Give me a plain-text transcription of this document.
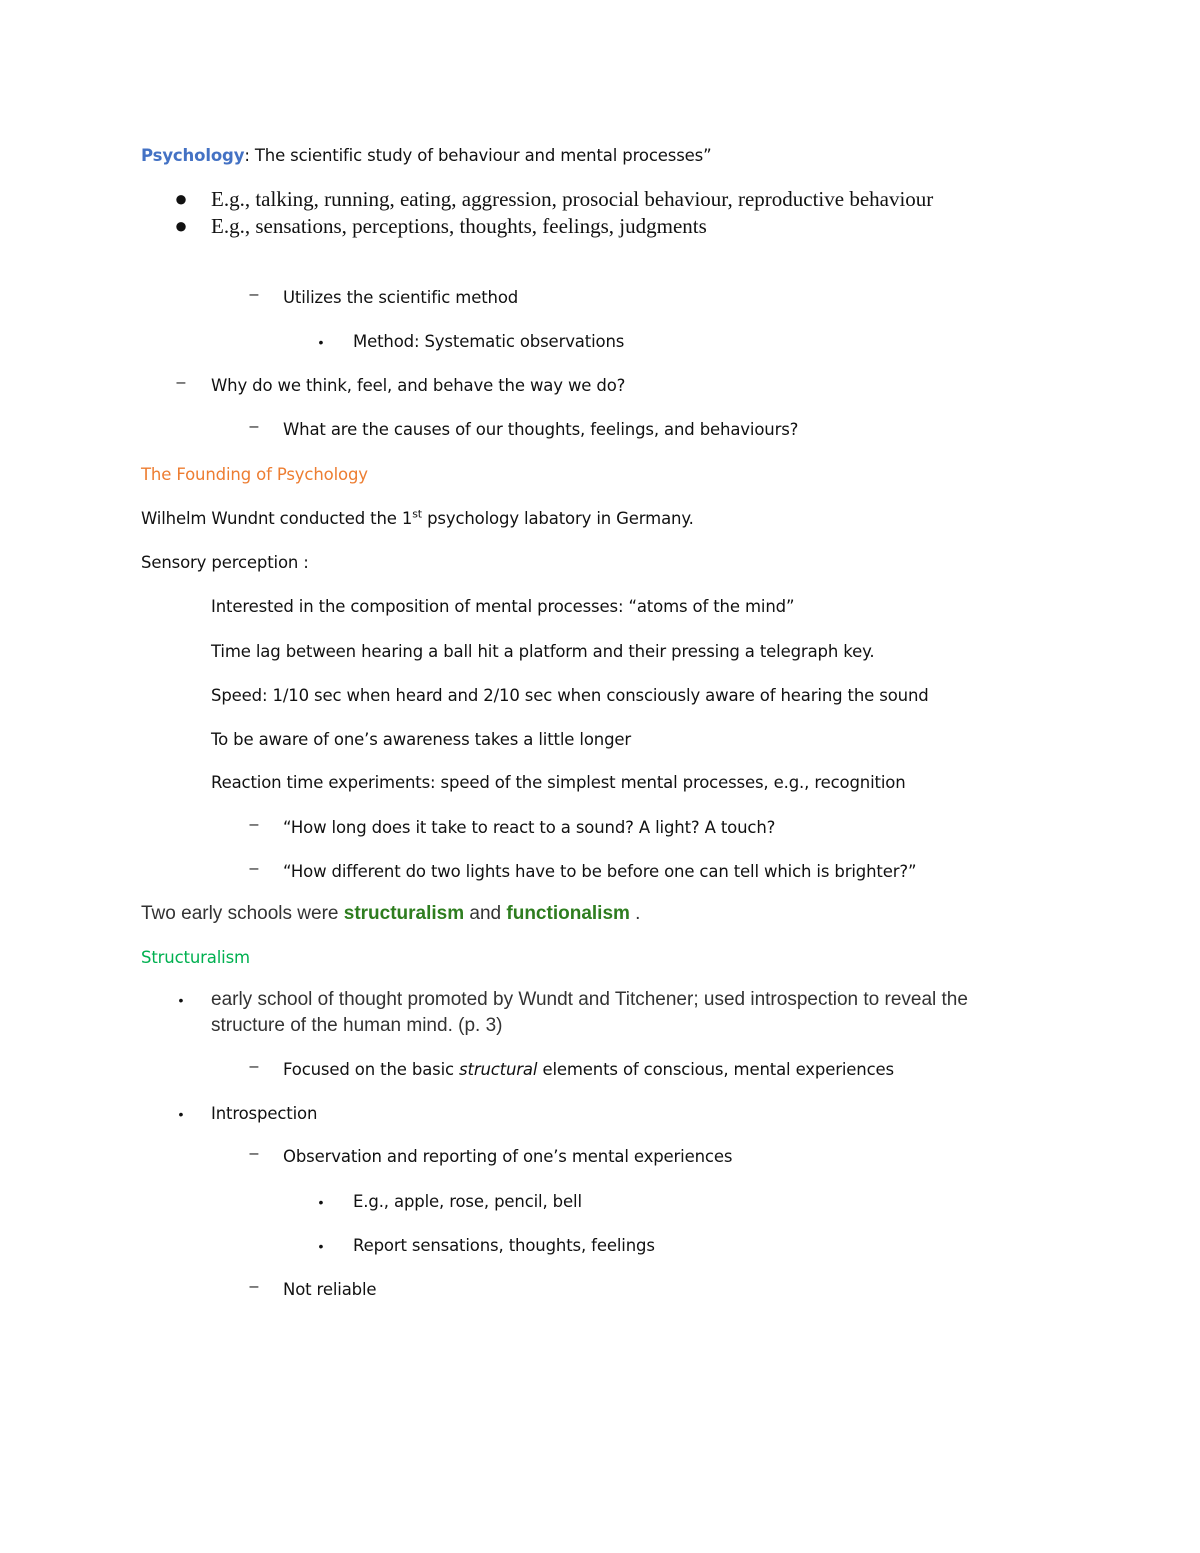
Psychology: The scientific study of behaviour and mental processes”
● E.g., talking, running, eating, aggression, prosocial behaviour, reproductive behaviour
● E.g., sensations, perceptions, thoughts, feelings, judgments
–	Utilizes the scientific method
•	Method: Systematic observations
–	Why do we think, feel, and behave the way we do?
–	What are the causes of our thoughts, feelings, and behaviours?
The Founding of Psychology
Wilhelm Wundnt conducted the 1st psychology labatory in Germany.
Sensory perception :
Interested in the composition of mental processes: “atoms of the mind”
Time lag between hearing a ball hit a platform and their pressing a telegraph key.
Speed: 1/10 sec when heard and 2/10 sec when consciously aware of hearing the sound
To be aware of one’s awareness takes a little longer
Reaction time experiments: speed of the simplest mental processes, e.g., recognition
–	“How long does it take to react to a sound? A light? A touch?
–	“How different do two lights have to be before one can tell which is brighter?”
Two early schools were structuralism and functionalism .
Structuralism
•	early school of thought promoted by Wundt and Titchener; used introspection to reveal the
structure of the human mind. (p. 3)
–	Focused on the basic structural elements of conscious, mental experiences
•	Introspection
–	Observation and reporting of one’s mental experiences
•	E.g., apple, rose, pencil, bell
•	Report sensations, thoughts, feelings
–	Not reliable
